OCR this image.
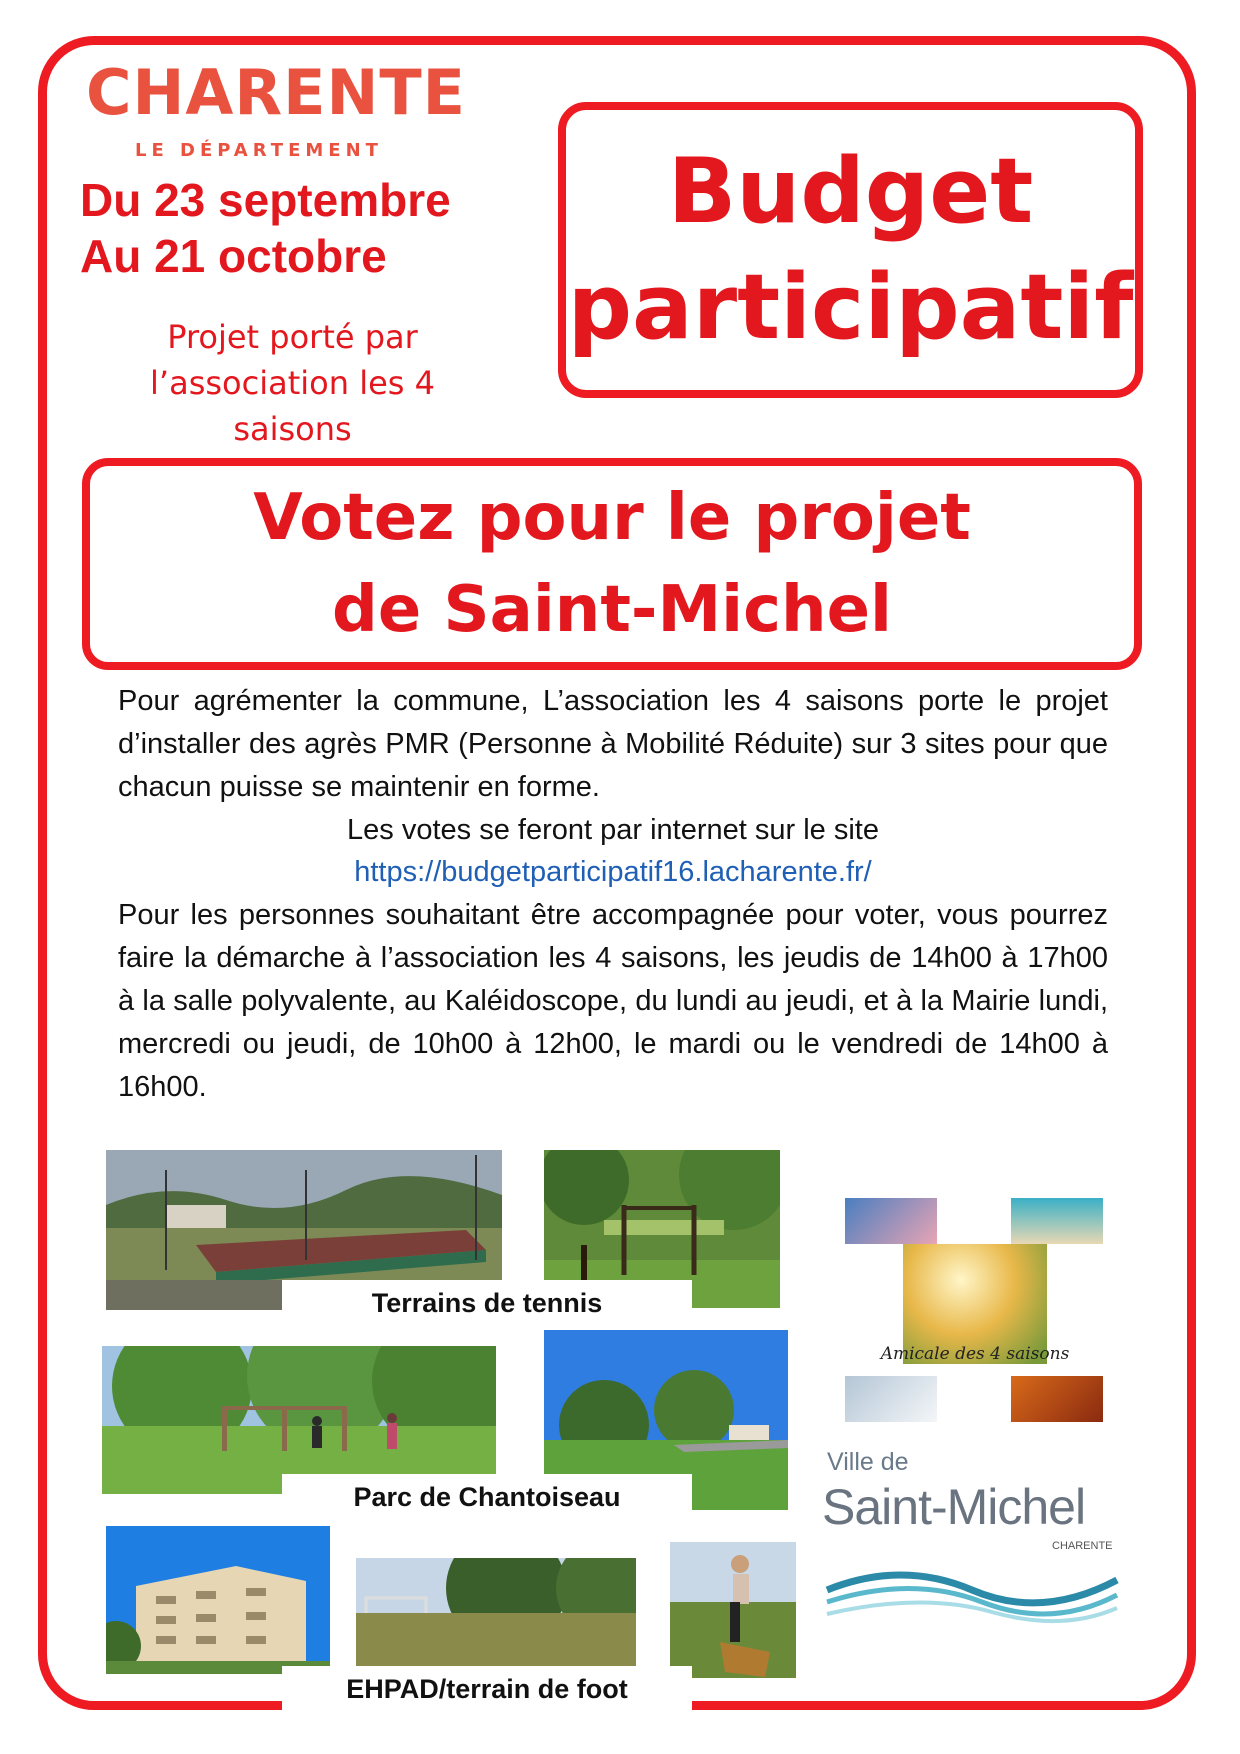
CHARENTE
LE DÉPARTEMENT
Du 23 septembre
Au 21 octobre
Projet porté par l’association les 4 saisons
Budget
participatif
Votez pour le projet
de Saint-Michel
Pour agrémenter la commune, L’association les 4 saisons porte le projet d’installer des agrès PMR (Personne à Mobilité Réduite) sur 3 sites pour que chacun puisse se maintenir en forme.
Les votes se feront par internet sur le site
https://budgetparticipatif16.lacharente.fr/
Pour les personnes souhaitant être accompagnée pour voter, vous pourrez faire la démarche à l’association les 4 saisons, les jeudis de 14h00 à 17h00 à la salle polyvalente, au Kaléidoscope, du lundi au jeudi, et à la Mairie lundi, mercredi ou jeudi, de 10h00 à 12h00, le mardi ou le vendredi de 14h00 à 16h00.
Terrains de tennis
Parc de Chantoiseau
EHPAD/terrain de foot
Amicale des 4 saisons
Ville de
Saint-Michel
CHARENTE
